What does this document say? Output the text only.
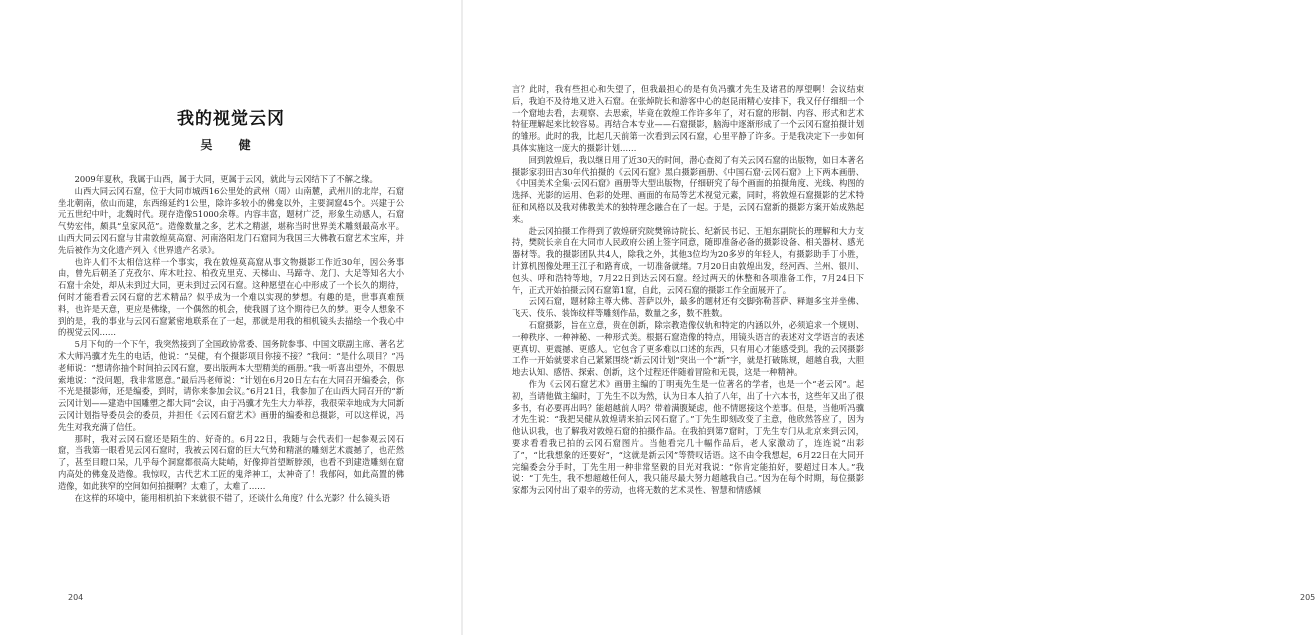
我的视觉云冈
吴 健

2009年夏秋，我属于山西，属于大同，更属于云冈，就此与云冈结下了不解之缘。

山西大同云冈石窟，位于大同市城西16公里处的武州（周）山南麓，武州川的北岸，石窟坐北朝南，依山而建，东西绵延约1公里，除许多较小的佛龛以外，主要洞窟45个。兴建于公元五世纪中叶，北魏时代。现存造像51000余尊。内容丰富，题材广泛，形象生动感人，石窟气势宏伟，颇具“皇家风范”。造像数量之多，艺术之精湛，堪称当时世界美术雕刻最高水平。山西大同云冈石窟与甘肃敦煌莫高窟、河南洛阳龙门石窟同为我国三大佛教石窟艺术宝库，并先后被作为文化遗产列入《世界遗产名录》。

也许人们不太相信这样一个事实，我在敦煌莫高窟从事文物摄影工作近30年，因公务事由，曾先后朝圣了克孜尔、库木吐拉、柏孜克里克、天梯山、马蹄寺、龙门、大足等知名大小石窟十余处，却从未到过大同，更未到过云冈石窟。这种愿望在心中形成了一个长久的期待，何时才能看看云冈石窟的艺术精品？似乎成为一个难以实现的梦想。有趣的是，世事真难预料，也许是天意，更应是佛缘，一个偶然的机会，使我圆了这个期待已久的梦。更令人想象不到的是，我的事业与云冈石窟紧密地联系在了一起，那就是用我的相机镜头去描绘一个我心中的视觉云冈……

5月下旬的一个下午，我突然接到了全国政协常委、国务院参事、中国文联副主席、著名艺术大师冯骥才先生的电话，他说：“吴健，有个摄影项目你接不接？”我问：“是什么项目？”冯老师说：“想请你抽个时间拍云冈石窟，要出版两本大型精美的画册。”我一听喜出望外，不假思索地说：“没问题，我非常愿意。”最后冯老师说：“计划在6月20日左右在大同召开编委会，你不光是摄影师，还是编委，到时，请你来参加会议。”6月21日，我参加了在山西大同召开的“新云冈计划——建造中国雕塑之都大同”会议，由于冯骥才先生大力举荐，我很荣幸地成为大同新云冈计划指导委员会的委员，并担任《云冈石窟艺术》画册的编委和总摄影，可以这样说，冯先生对我充满了信任。

那时，我对云冈石窟还是陌生的、好奇的。6月22日，我随与会代表们一起参观云冈石窟，当我第一眼看见云冈石窟时，我被云冈石窟的巨大气势和精湛的雕刻艺术震撼了，也茫然了，甚至目瞪口呆，几乎每个洞窟都很高大陡峭，好像抑首望断脖颈，也看不到建造雕刻在窟内高处的佛龛及造像。我惊叹，古代艺术工匠的鬼斧神工，太神奇了！我郁闷，如此高置的佛造像，如此狭窄的空间如何拍摄啊？太难了，太难了……

在这样的环境中，能用相机拍下来就很不错了，还谈什么角度？什么光影？什么镜头语

204	205

言？此时，我有些担心和失望了，但我最担心的是有负冯骥才先生及诸君的厚望啊！会议结束后，我迫不及待地又进入石窟。在张焯院长和游客中心的赵昆雨精心安排下，我又仔仔细细一个一个窟地去看，去观察、去思索，毕竟在敦煌工作许多年了，对石窟的形制、内容、形式和艺术特征理解起来比较容易。再结合本专业——石窟摄影，脑海中逐渐形成了一个云冈石窟拍摄计划的雏形。此时的我，比起几天前第一次看到云冈石窟，心里平静了许多。于是我决定下一步如何具体实施这一庞大的摄影计划……

回到敦煌后，我以继日用了近30天的时间，潜心查阅了有关云冈石窟的出版物，如日本著名摄影家羽田吉30年代拍摄的《云冈石窟》黑白摄影画册、《中国石窟·云冈石窟》上下两本画册、《中国美术全集·云冈石窟》画册等大型出版物，仔细研究了每个画面的拍摄角度、光线、构图的选择、光影的运用、色彩的处理、画面的布局等艺术视觉元素，同时，将敦煌石窟摄影的艺术特征和风格以及我对佛教美术的独特理念融合在了一起。于是，云冈石窟新的摄影方案开始成熟起来。

赴云冈拍摄工作得到了敦煌研究院樊锦诗院长、纪新民书记、王旭东副院长的理解和大力支持，樊院长亲自在大同市人民政府公函上签字同意，随即准备必备的摄影设备、相关器材、感光器材等。我的摄影团队共4人，除我之外，其他3位均为20多岁的年轻人，有摄影助手丁小胜，计算机图像处理王江子和路育成，一切准备就绪。7月20日由敦煌出发，经河西、兰州、银川、包头、呼和浩特等地，7月22日到达云冈石窟。经过两天的休整和各项准备工作，7月24日下午，正式开始拍摄云冈石窟第1窟，自此，云冈石窟的摄影工作全面展开了。

云冈石窟，题材除主尊大佛、菩萨以外，最多的题材还有交脚弥勒菩萨、释迦多宝并坐佛、飞天、伎乐、装饰纹样等雕刻作品，数量之多，数不胜数。

石窟摄影，旨在立意，贵在创新，除宗教造像仪轨和特定的内涵以外，必须追求一个规则、一种秩序、一种神秘、一种形式美。根据石窟造像的特点，用镜头语言的表述对文学语言的表述更真切、更震撼、更感人。它包含了更多难以口述的东西，只有用心才能感受到。我的云冈摄影工作一开始就要求自己紧紧围绕“新云冈计划”突出一个“新”字，就是打破陈规，超越自我，大胆地去认知、感悟、探索、创新，这个过程还伴随着冒险和无畏，这是一种精神。

作为《云冈石窟艺术》画册主编的丁明夷先生是一位著名的学者，也是一个“老云冈”。起初，当请他做主编时，丁先生不以为然，认为日本人拍了八年，出了十六本书，这些年又出了很多书，有必要再出吗？能超越前人吗？带着满腹疑虑，他不情愿接这个差事。但是，当他听冯骥才先生说：“我把吴健从敦煌请来拍云冈石窟了。”丁先生即刻改变了主意，他欣然答应了，因为他认识我，也了解我对敦煌石窟的拍摄作品。在我拍到第7窟时，丁先生专门从北京来到云冈，要求看看我已拍的云冈石窟图片。当他看完几十幅作品后，老人家激动了，连连说“出彩了”，“比我想象的还要好”，“这就是新云冈”等赞叹话语。这不由令我想起，6月22日在大同开完编委会分手时，丁先生用一种非常坚毅的目光对我说：“你肯定能拍好，要超过日本人。”我说：“丁先生，我不想超越任何人，我只能尽最大努力超越我自己。”因为在每个时期，每位摄影家都为云冈付出了艰辛的劳动，也将无数的艺术灵性、智慧和情感倾
